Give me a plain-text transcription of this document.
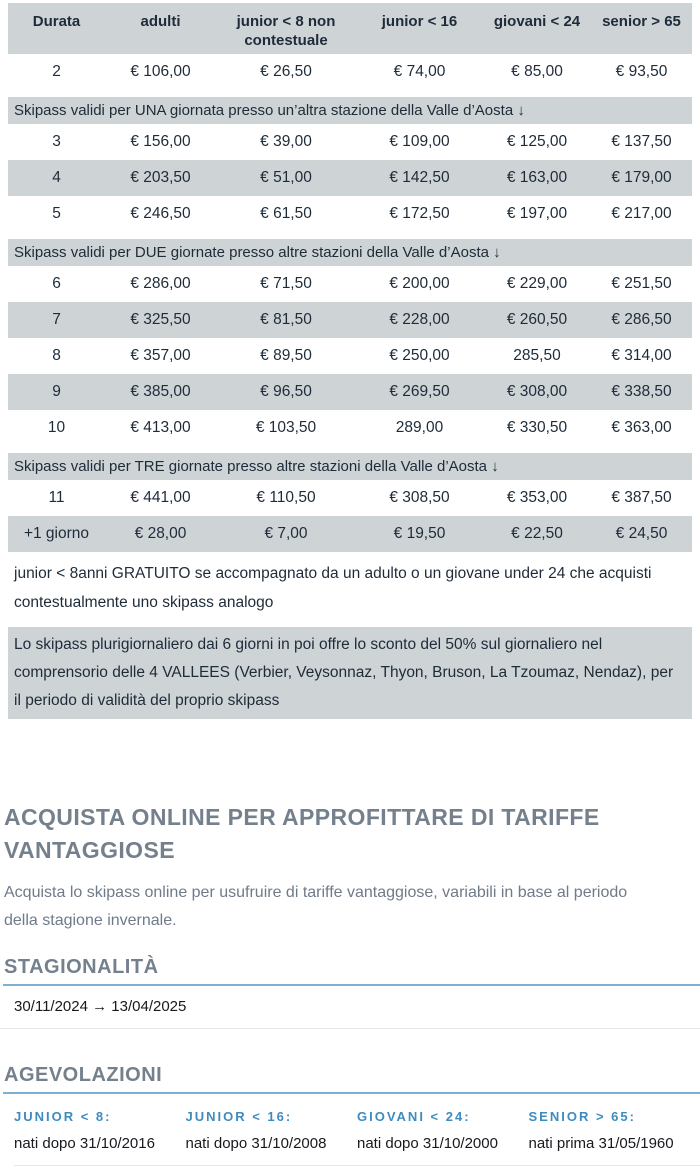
Durata	adulti	junior < 8 non contestuale	junior < 16	giovani < 24	senior > 65
2	€ 106,00	€ 26,50	€ 74,00	€ 85,00	€ 93,50
Skipass validi per UNA giornata presso un’altra stazione della Valle d’Aosta ↓					
3	€ 156,00	€ 39,00	€ 109,00	€ 125,00	€ 137,50
4	€ 203,50	€ 51,00	€ 142,50	€ 163,00	€ 179,00
5	€ 246,50	€ 61,50	€ 172,50	€ 197,00	€ 217,00
Skipass validi per DUE giornate presso altre stazioni della Valle d’Aosta ↓					
6	€ 286,00	€ 71,50	€ 200,00	€ 229,00	€ 251,50
7	€ 325,50	€ 81,50	€ 228,00	€ 260,50	€ 286,50
8	€ 357,00	€ 89,50	€ 250,00	285,50	€ 314,00
9	€ 385,00	€ 96,50	€ 269,50	€ 308,00	€ 338,50
10	€ 413,00	€ 103,50	289,00	€ 330,50	€ 363,00
Skipass validi per TRE giornate presso altre stazioni della Valle d’Aosta ↓					
11	€ 441,00	€ 110,50	€ 308,50	€ 353,00	€ 387,50
+1 giorno	€ 28,00	€ 7,00	€ 19,50	€ 22,50	€ 24,50

junior < 8anni GRATUITO se accompagnato da un adulto o un giovane under 24 che acquisti contestualmente uno skipass analogo

Lo skipass plurigiornaliero dai 6 giorni in poi offre lo sconto del 50% sul giornaliero nel comprensorio delle 4 VALLEES (Verbier, Veysonnaz, Thyon, Bruson, La Tzoumaz, Nendaz), per il periodo di validità del proprio skipass
ACQUISTA ONLINE PER APPROFITTARE DI TARIFFE VANTAGGIOSE

Acquista lo skipass online per usufruire di tariffe vantaggiose, variabili in base al periodo della stagione invernale.

STAGIONALITÀ
30/11/2024 → 13/04/2025
AGEVOLAZIONI
JUNIOR < 8:
nati dopo 31/10/2016
JUNIOR < 16:
nati dopo 31/10/2008
GIOVANI < 24:
nati dopo 31/10/2000
SENIOR > 65:
nati prima 31/05/1960
